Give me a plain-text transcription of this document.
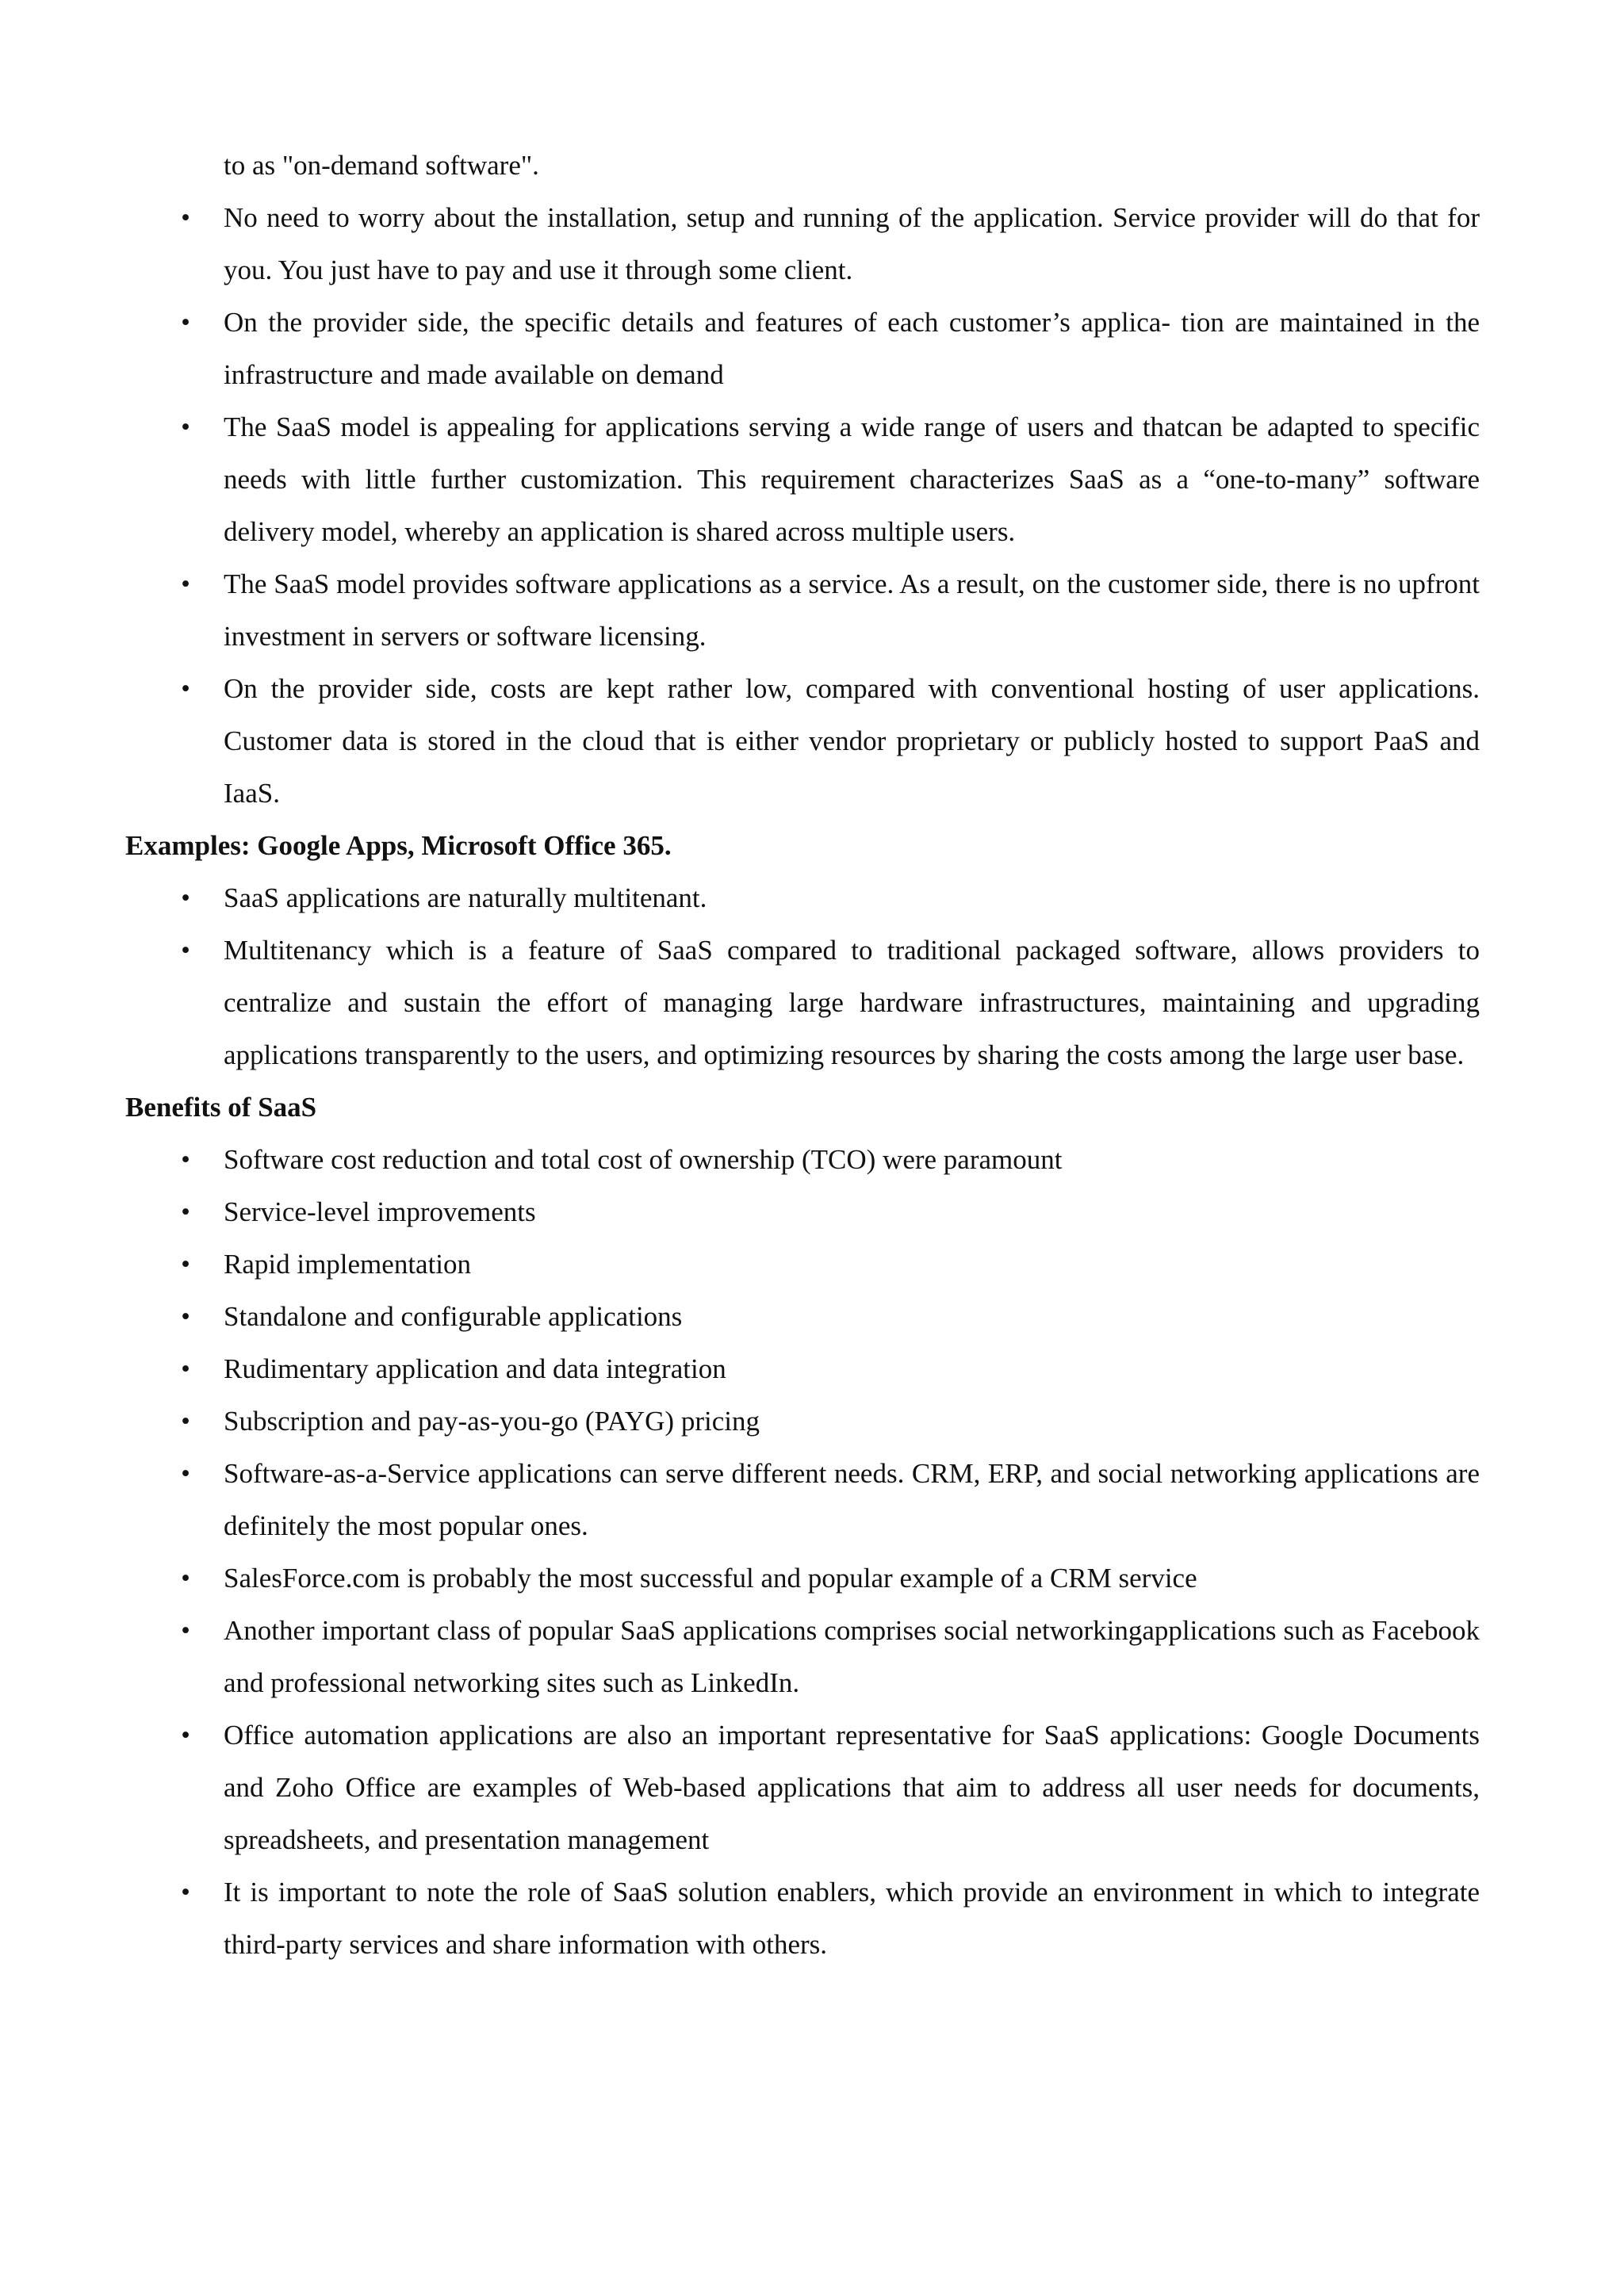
to as "on-demand software".

• No need to worry about the installation, setup and running of the application. Service provider will do that for you. You just have to pay and use it through some client.
• On the provider side, the specific details and features of each customer’s applica- tion are maintained in the infrastructure and made available on demand
• The SaaS model is appealing for applications serving a wide range of users and thatcan be adapted to specific needs with little further customization. This requirement characterizes SaaS as a “one-to-many” software delivery model, whereby an application is shared across multiple users.
• The SaaS model provides software applications as a service. As a result, on the customer side, there is no upfront investment in servers or software licensing.
• On the provider side, costs are kept rather low, compared with conventional hosting of user applications. Customer data is stored in the cloud that is either vendor proprietary or publicly hosted to support PaaS and IaaS.

Examples: Google Apps, Microsoft Office 365.

• SaaS applications are naturally multitenant.
• Multitenancy which is a feature of SaaS compared to traditional packaged software, allows providers to centralize and sustain the effort of managing large hardware infrastructures, maintaining and upgrading applications transparently to the users, and optimizing resources by sharing the costs among the large user base.

Benefits of SaaS

• Software cost reduction and total cost of ownership (TCO) were paramount
• Service-level improvements
• Rapid implementation
• Standalone and configurable applications
• Rudimentary application and data integration
• Subscription and pay-as-you-go (PAYG) pricing
• Software-as-a-Service applications can serve different needs. CRM, ERP, and social networking applications are definitely the most popular ones.
• SalesForce.com is probably the most successful and popular example of a CRM service
• Another important class of popular SaaS applications comprises social networkingapplications such as Facebook and professional networking sites such as LinkedIn.
• Office automation applications are also an important representative for SaaS applications: Google Documents and Zoho Office are examples of Web-based applications that aim to address all user needs for documents, spreadsheets, and presentation management
• It is important to note the role of SaaS solution enablers, which provide an environment in which to integrate third-party services and share information with others.
